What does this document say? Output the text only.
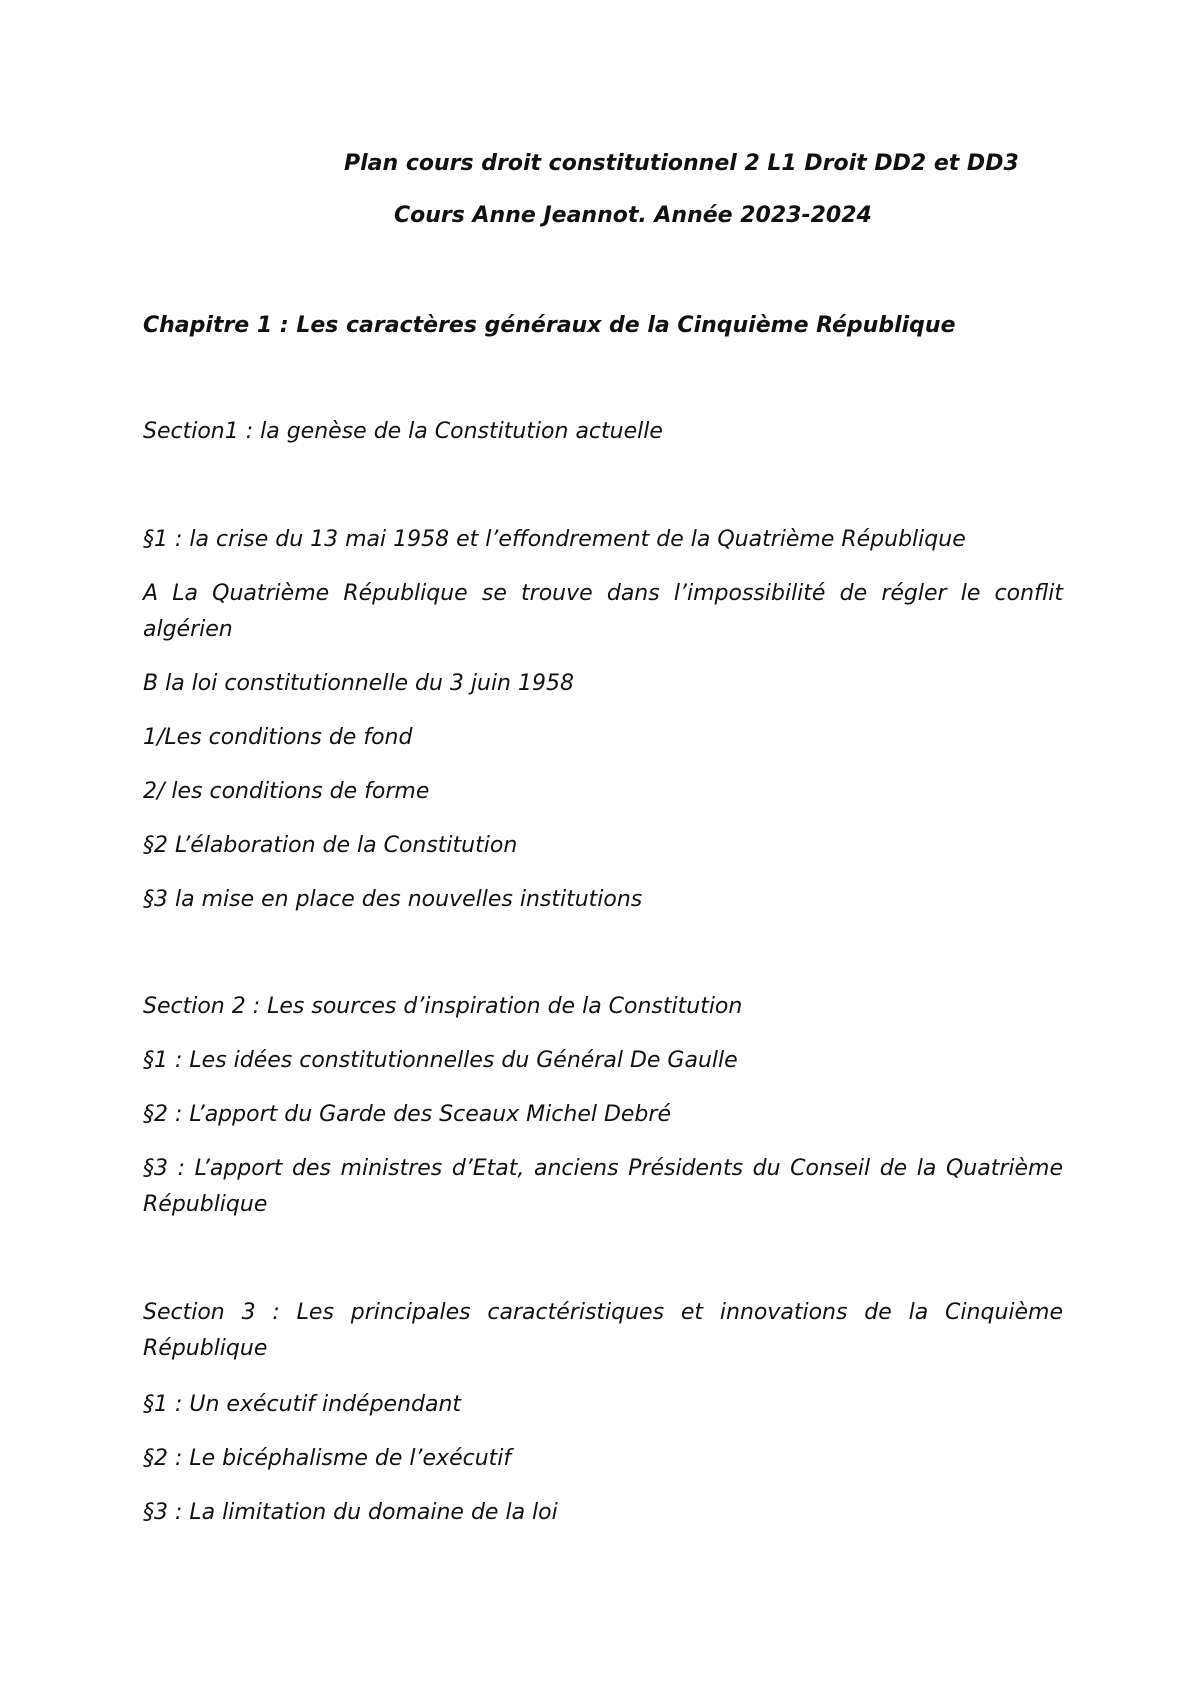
Plan cours droit constitutionnel 2 L1 Droit DD2 et DD3
Cours Anne Jeannot. Année 2023-2024
Chapitre 1 : Les caractères généraux de la Cinquième République
Section1 : la genèse de la Constitution actuelle
§1 : la crise du 13 mai 1958 et l’effondrement de la Quatrième République
A La Quatrième République se trouve dans l’impossibilité de régler le conflit algérien
B la loi constitutionnelle du 3 juin 1958
1/Les conditions de fond
2/ les conditions de forme
§2 L’élaboration de la Constitution
§3 la mise en place des nouvelles institutions
Section 2 : Les sources d’inspiration de la Constitution
§1 : Les idées constitutionnelles du Général De Gaulle
§2 : L’apport du Garde des Sceaux Michel Debré
§3 : L’apport des ministres d’Etat, anciens Présidents du Conseil de la Quatrième République
Section 3 : Les principales caractéristiques et innovations de la Cinquième République
§1 : Un exécutif indépendant
§2 : Le bicéphalisme de l’exécutif
§3 : La limitation du domaine de la loi
